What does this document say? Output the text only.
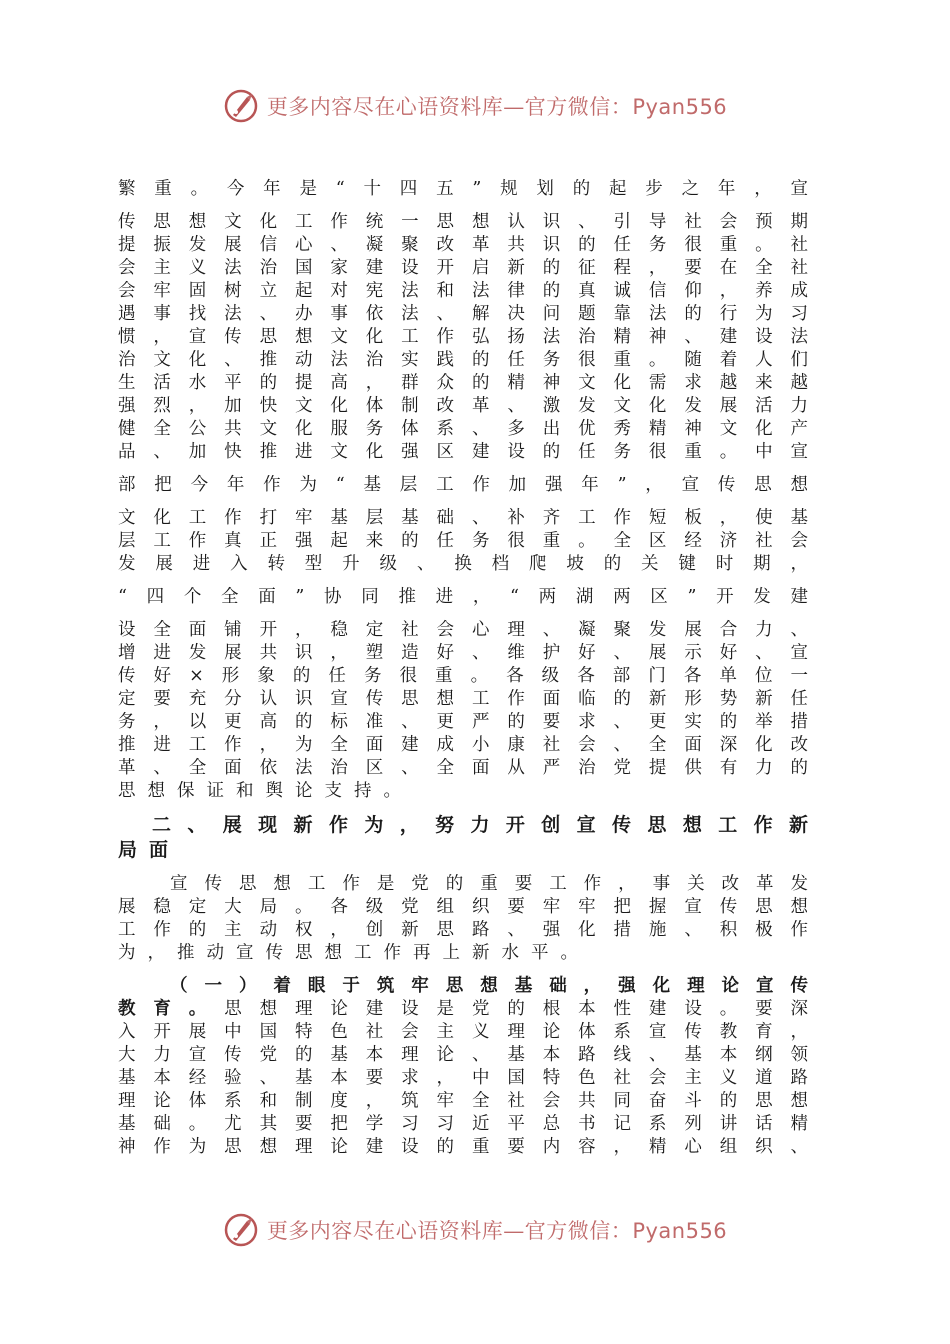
更多内容尽在心语资料库—官方微信：Pyan556
繁重。今年是“十四五”规划的起步之年，宣
传思想文化工作统一思想认识、引导社会预期
提振发展信心、凝聚改革共识的任务很重。社
会主义法治国家建设开启新的征程，要在全社
会牢固树立起对宪法和法律的真诚信仰，养成
遇事找法、办事依法、解决问题靠法的行为习
惯，宣传思想文化工作弘扬法治精神、建设法
治文化、推动法治实践的任务很重。随着人们
生活水平的提高，群众的精神文化需求越来越
强烈，加快文化体制改革、激发文化发展活力
健全公共文化服务体系、多出优秀精神文化产
品、加快推进文化强区建设的任务很重。中宣
部把今年作为“基层工作加强年”，宣传思想
文化工作打牢基层基础、补齐工作短板，使基
层工作真正强起来的任务很重。全区经济社会
发展进入转型升级、换档爬坡的关键时期，
“四个全面”协同推进，“两湖两区”开发建
设全面铺开，稳定社会心理、凝聚发展合力、
增进发展共识，塑造好、维护好、展示好、宣
传好×形象的任务很重。各级各部门各单位一
定要充分认识宣传思想工作面临的新形势新任
务，以更高的标准、更严的要求、更实的举措
推进工作，为全面建成小康社会、全面深化改
革、全面依法治区、全面从严治党提供有力的
思想保证和舆论支持。
二、展现新作为，努力开创宣传思想工作新
局面
宣传思想工作是党的重要工作，事关改革发
展稳定大局。各级党组织要牢牢把握宣传思想
工作的主动权，创新思路、强化措施、积极作
为，推动宣传思想工作再上新水平。
（一）着眼于筑牢思想基础，强化理论宣传
教育。思想理论建设是党的根本性建设。要深
入开展中国特色社会主义理论体系宣传教育，
大力宣传党的基本理论、基本路线、基本纲领
基本经验、基本要求，中国特色社会主义道路
理论体系和制度，筑牢全社会共同奋斗的思想
基础。尤其要把学习习近平总书记系列讲话精
神作为思想理论建设的重要内容，精心组织、
更多内容尽在心语资料库—官方微信：Pyan556
